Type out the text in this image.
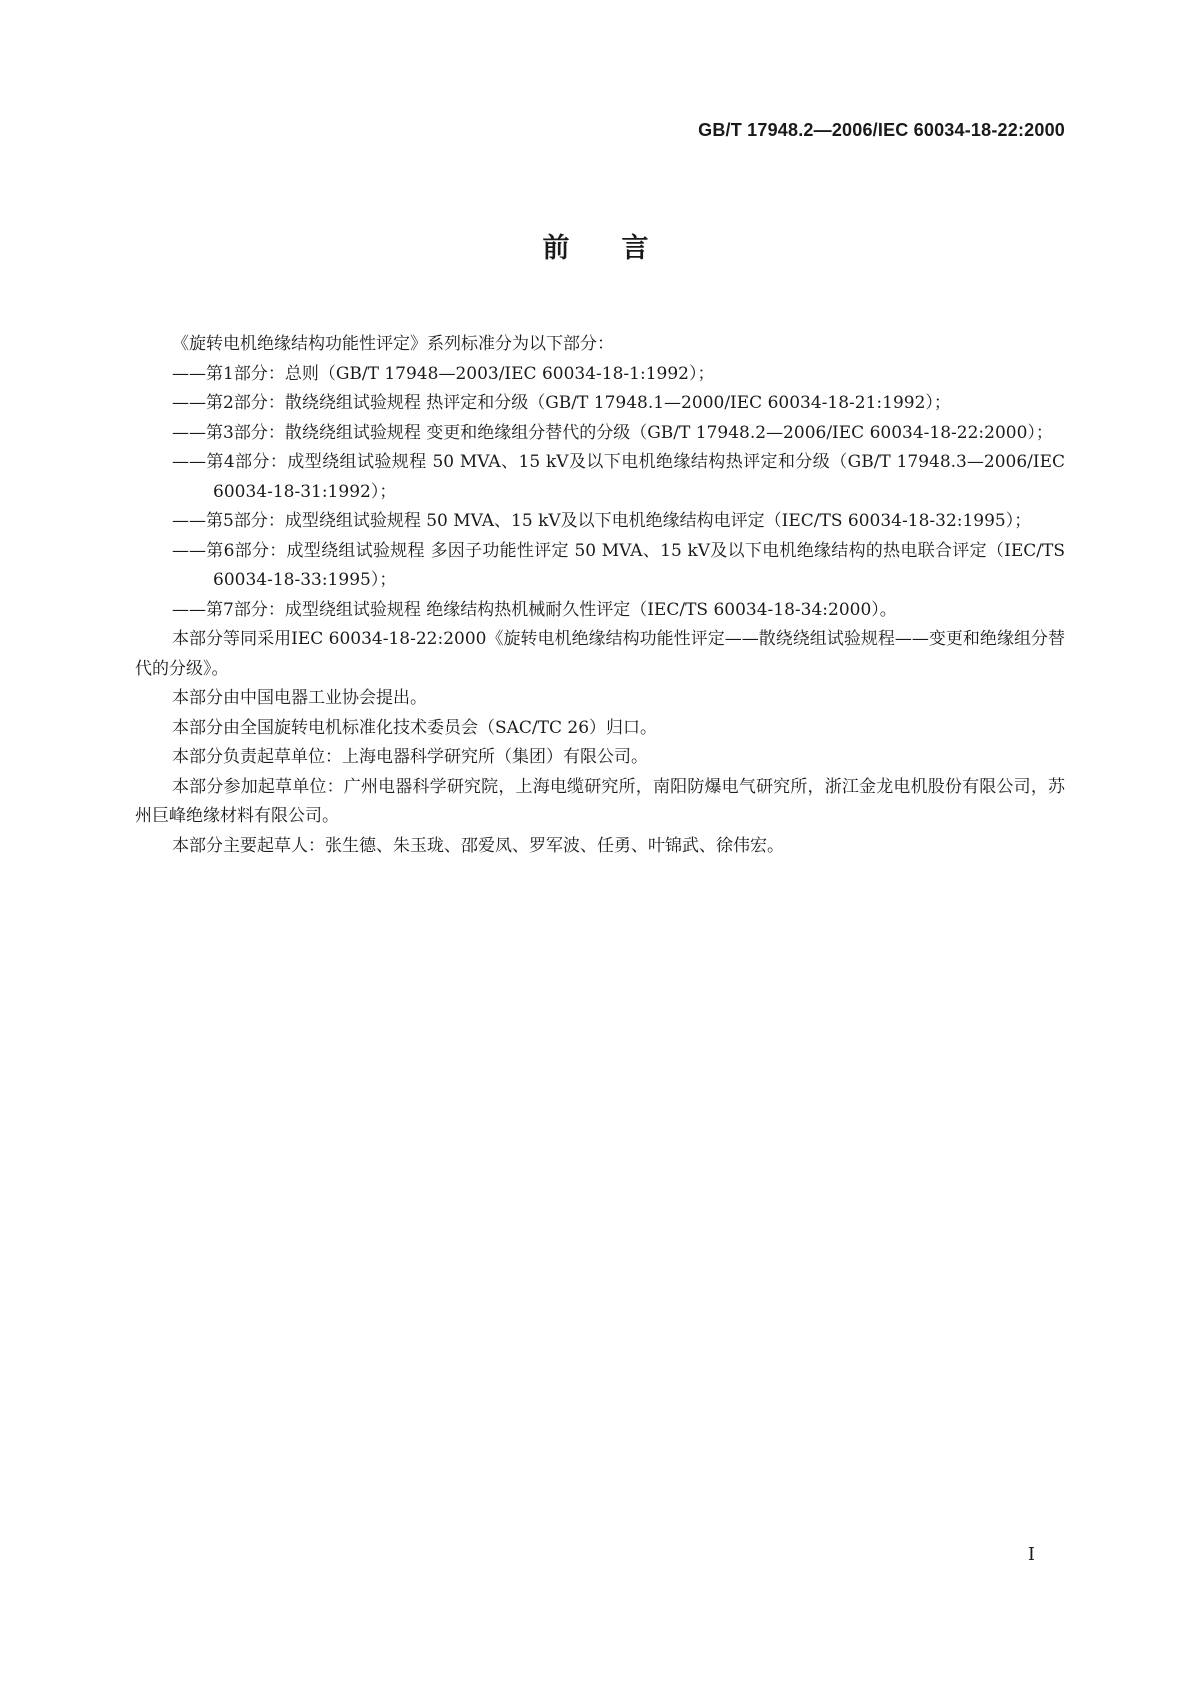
GB/T 17948.2—2006/IEC 60034-18-22:2000
前言

《旋转电机绝缘结构功能性评定》系列标准分为以下部分：

——第1部分：总则（GB/T 17948—2003/IEC 60034-18-1:1992）；

——第2部分：散绕绕组试验规程 热评定和分级（GB/T 17948.1—2000/IEC 60034-18-21:1992）；

——第3部分：散绕绕组试验规程 变更和绝缘组分替代的分级（GB/T 17948.2—2006/IEC 60034-18-22:2000）；

——第4部分：成型绕组试验规程 50 MVA、15 kV及以下电机绝缘结构热评定和分级（GB/T 17948.3—2006/IEC 60034-18-31:1992）；

——第5部分：成型绕组试验规程 50 MVA、15 kV及以下电机绝缘结构电评定（IEC/TS 60034-18-32:1995）；

——第6部分：成型绕组试验规程 多因子功能性评定 50 MVA、15 kV及以下电机绝缘结构的热电联合评定（IEC/TS 60034-18-33:1995）；

——第7部分：成型绕组试验规程 绝缘结构热机械耐久性评定（IEC/TS 60034-18-34:2000）。

本部分等同采用IEC 60034-18-22:2000《旋转电机绝缘结构功能性评定——散绕绕组试验规程——变更和绝缘组分替代的分级》。

本部分由中国电器工业协会提出。

本部分由全国旋转电机标准化技术委员会（SAC/TC 26）归口。

本部分负责起草单位：上海电器科学研究所（集团）有限公司。

本部分参加起草单位：广州电器科学研究院，上海电缆研究所，南阳防爆电气研究所，浙江金龙电机股份有限公司，苏州巨峰绝缘材料有限公司。

本部分主要起草人：张生德、朱玉珑、邵爱凤、罗军波、任勇、叶锦武、徐伟宏。

I
